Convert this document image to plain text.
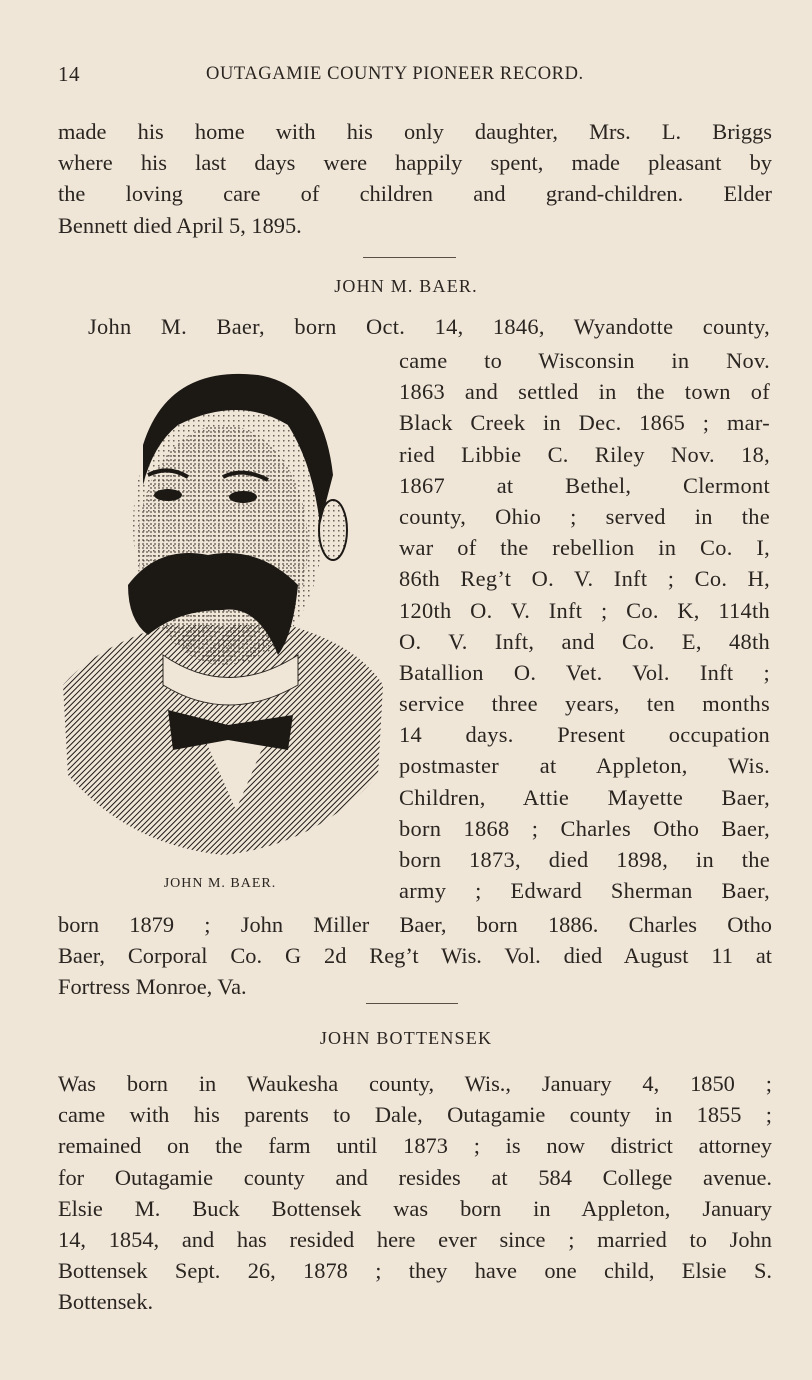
14	OUTAGAMIE COUNTY PIONEER RECORD.
made his home with his only daughter, Mrs. L. Briggs
where his last days were happily spent, made pleasant by
the loving care of children and grand-children. Elder
Bennett died April 5, 1895.
JOHN M. BAER.
John M. Baer, born Oct. 14, 1846, Wyandotte county,
came to Wisconsin in Nov.
1863 and settled in the town of
Black Creek in Dec. 1865 ; mar-
ried Libbie C. Riley Nov. 18,
1867 at Bethel, Clermont
county, Ohio ; served in the
war of the rebellion in Co. I,
86th Reg’t O. V. Inft ; Co. H,
120th O. V. Inft ; Co. K, 114th
O. V. Inft, and Co. E, 48th
Batallion O. Vet. Vol. Inft ;
service three years, ten months
14 days. Present occupation
postmaster at Appleton, Wis.
Children, Attie Mayette Baer,
born 1868 ; Charles Otho Baer,
born 1873, died 1898, in the
army ; Edward Sherman Baer,
JOHN M. BAER.
born 1879 ; John Miller Baer, born 1886. Charles Otho
Baer, Corporal Co. G 2d Reg’t Wis. Vol. died August 11 at
Fortress Monroe, Va.
JOHN BOTTENSEK
Was born in Waukesha county, Wis., January 4, 1850 ;
came with his parents to Dale, Outagamie county in 1855 ;
remained on the farm until 1873 ; is now district attorney
for Outagamie county and resides at 584 College avenue.
Elsie M. Buck Bottensek was born in Appleton, January
14, 1854, and has resided here ever since ; married to John
Bottensek Sept. 26, 1878 ; they have one child, Elsie S.
Bottensek.
